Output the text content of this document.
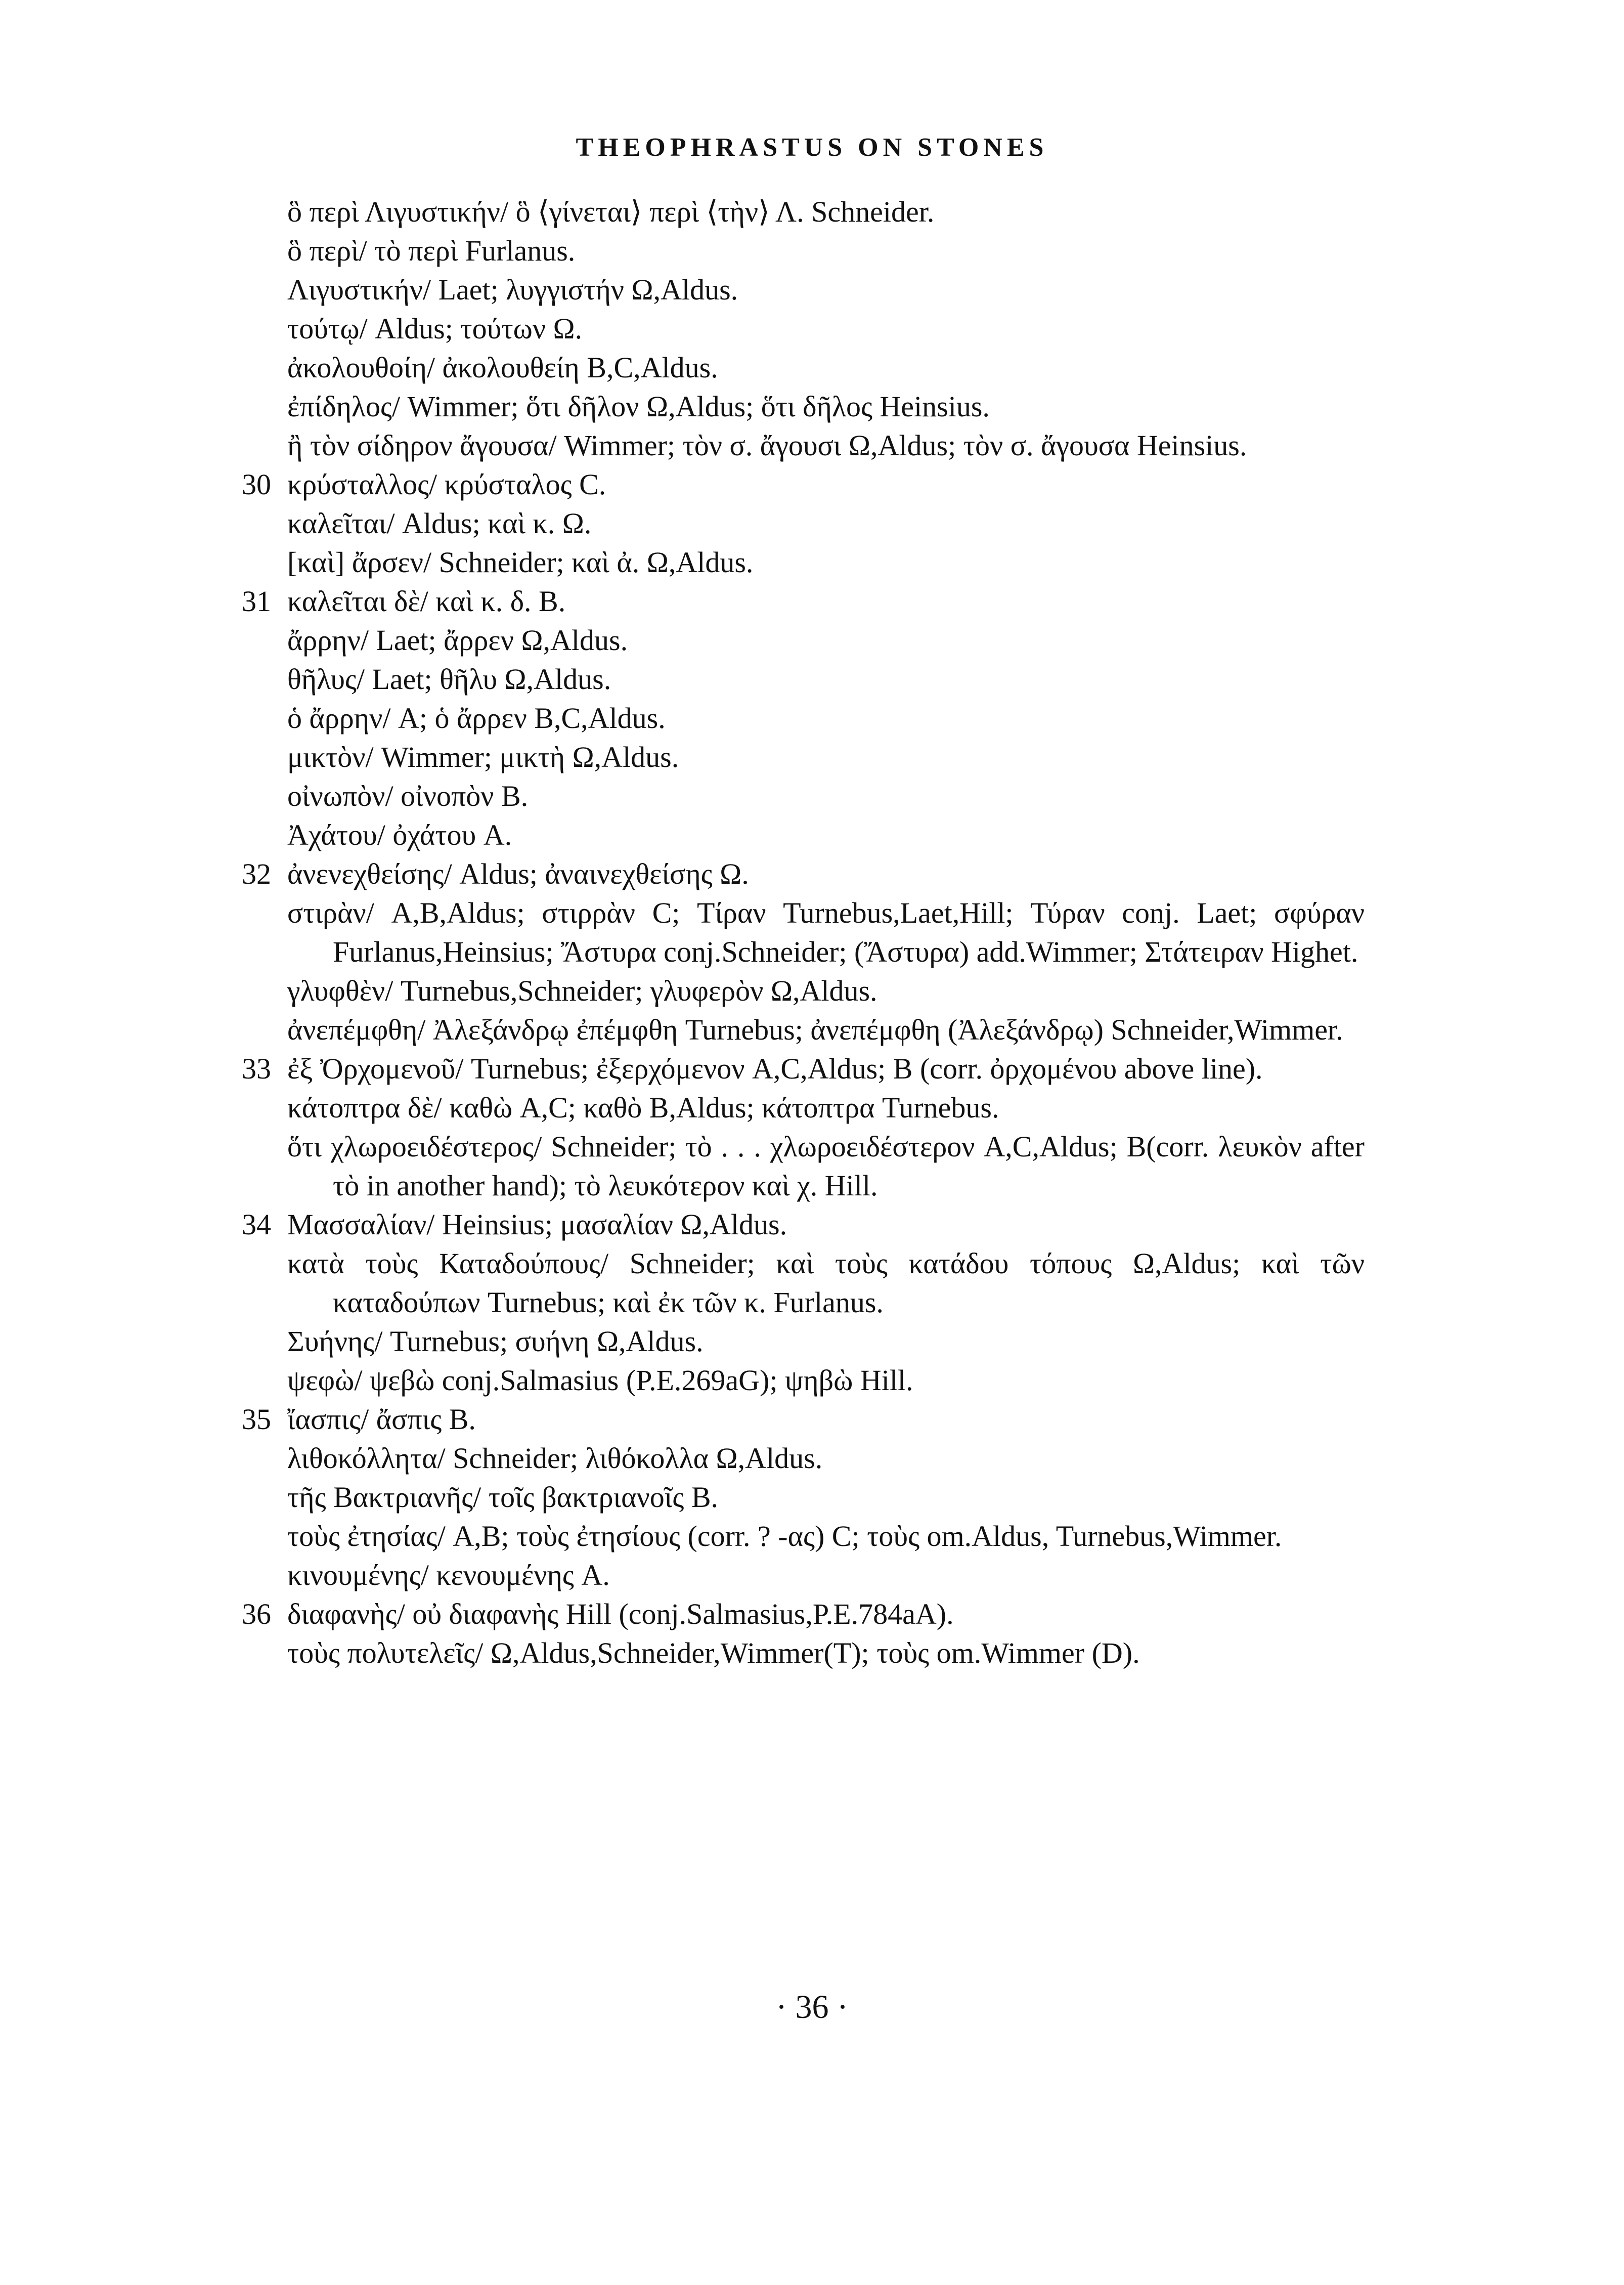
THEOPHRASTUS ON STONES
ὃ περὶ Λιγυστικήν/ ὃ ⟨γίνεται⟩ περὶ ⟨τὴν⟩ Λ. Schneider.
ὃ περὶ/ τὸ περὶ Furlanus.
Λιγυστικήν/ Laet; λυγγιστήν Ω,Aldus.
τούτῳ/ Aldus; τούτων Ω.
ἀκολουθοίη/ ἀκολουθείη B,C,Aldus.
ἐπίδηλος/ Wimmer; ὅτι δῆλον Ω,Aldus; ὅτι δῆλος Heinsius.
ἢ τὸν σίδηρον ἄγουσα/ Wimmer; τὸν σ. ἄγουσι Ω,Aldus; τὸν σ. ἄγουσα Heinsius.
30 κρύσταλλος/ κρύσταλος C.
καλεῖται/ Aldus; καὶ κ. Ω.
[καὶ] ἄρσεν/ Schneider; καὶ ἀ. Ω,Aldus.
31 καλεῖται δὲ/ καὶ κ. δ. B.
ἄρρην/ Laet; ἄρρεν Ω,Aldus.
θῆλυς/ Laet; θῆλυ Ω,Aldus.
ὁ ἄρρην/ A; ὁ ἄρρεν B,C,Aldus.
μικτὸν/ Wimmer; μικτὴ Ω,Aldus.
οἰνωπὸν/ οἰνοπὸν B.
Ἀχάτου/ ὀχάτου A.
32 ἀνενεχθείσης/ Aldus; ἀναινεχθείσης Ω.
στιρὰν/ A,B,Aldus; στιρρὰν C; Τίραν Turnebus,Laet,Hill; Τύραν conj. Laet; σφύραν Furlanus,Heinsius; Ἄστυρα conj.Schneider; (Ἄστυρα) add.Wimmer; Στάτειραν Highet.
γλυφθὲν/ Turnebus,Schneider; γλυφερὸν Ω,Aldus.
ἀνεπέμφθη/ Ἀλεξάνδρῳ ἐπέμφθη Turnebus; ἀνεπέμφθη (Ἀλεξάνδρῳ) Schneider,Wimmer.
33 ἐξ Ὀρχομενοῦ/ Turnebus; ἐξερχόμενον A,C,Aldus; B (corr. ὀρχομένου above line).
κάτοπτρα δὲ/ καθὼ A,C; καθὸ B,Aldus; κάτοπτρα Turnebus.
ὅτι χλωροειδέστερος/ Schneider; τὸ . . . χλωροειδέστερον A,C,Aldus; B(corr. λευκὸν after τὸ in another hand); τὸ λευκότερον καὶ χ. Hill.
34 Μασσαλίαν/ Heinsius; μασαλίαν Ω,Aldus.
κατὰ τοὺς Καταδούπους/ Schneider; καὶ τοὺς κατάδου τόπους Ω,Aldus; καὶ τῶν καταδούπων Turnebus; καὶ ἐκ τῶν κ. Furlanus.
Συήνης/ Turnebus; συήνη Ω,Aldus.
ψεφὼ/ ψεβὼ conj.Salmasius (P.E.269aG); ψηβὼ Hill.
35 ἴασπις/ ἄσπις B.
λιθοκόλλητα/ Schneider; λιθόκολλα Ω,Aldus.
τῆς Βακτριανῆς/ τοῖς βακτριανοῖς B.
τοὺς ἐτησίας/ A,B; τοὺς ἐτησίους (corr. ? -ας) C; τοὺς om.Aldus, Turnebus,Wimmer.
κινουμένης/ κενουμένης A.
36 διαφανὴς/ οὐ διαφανὴς Hill (conj.Salmasius,P.E.784aA).
τοὺς πολυτελεῖς/ Ω,Aldus,Schneider,Wimmer(T); τοὺς om.Wimmer (D).
· 36 ·
